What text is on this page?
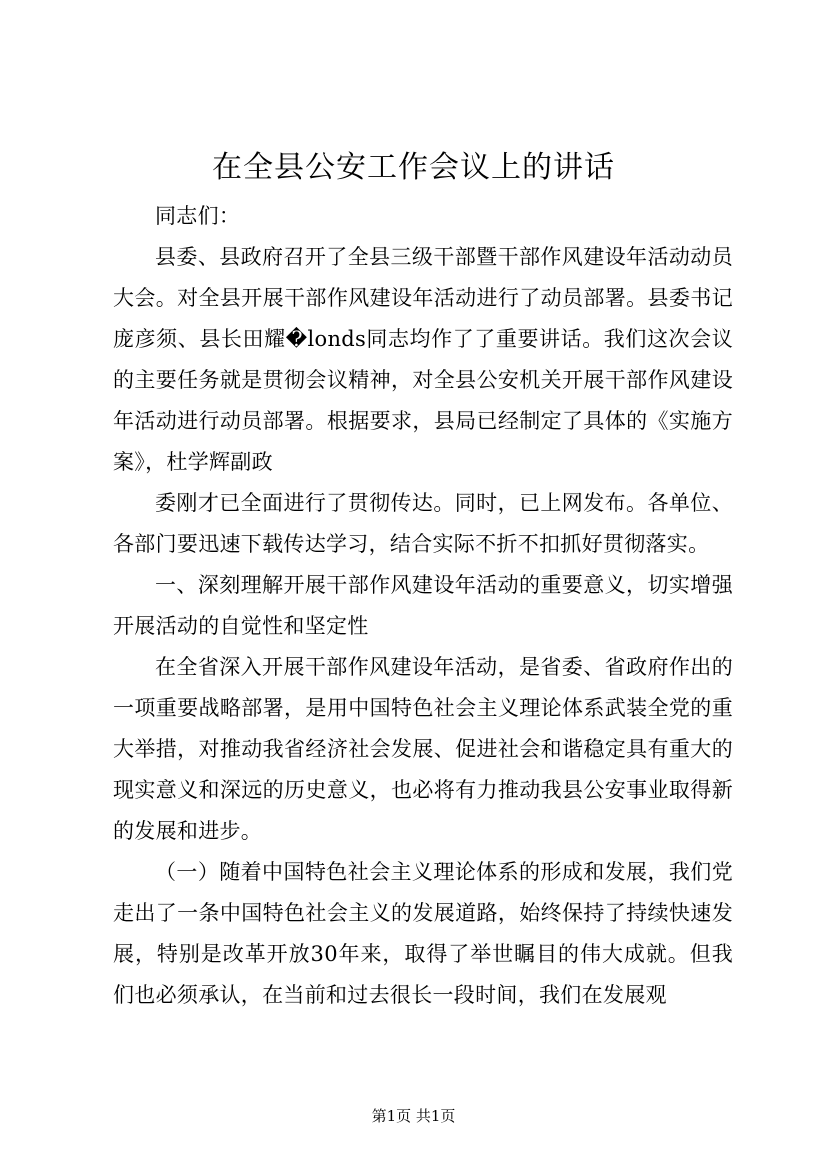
在全县公安工作会议上的讲话

同志们：

县委、县政府召开了全县三级干部暨干部作风建设年活动动员大会。对全县开展干部作风建设年活动进行了动员部署。县委书记庞彦须、县长田耀�londs同志均作了了重要讲话。我们这次会议的主要任务就是贯彻会议精神，对全县公安机关开展干部作风建设年活动进行动员部署。根据要求，县局已经制定了具体的《实施方案》，杜学辉副政

委刚才已全面进行了贯彻传达。同时，已上网发布。各单位、各部门要迅速下载传达学习，结合实际不折不扣抓好贯彻落实。

一、深刻理解开展干部作风建设年活动的重要意义，切实增强开展活动的自觉性和坚定性

在全省深入开展干部作风建设年活动，是省委、省政府作出的一项重要战略部署，是用中国特色社会主义理论体系武装全党的重大举措，对推动我省经济社会发展、促进社会和谐稳定具有重大的现实意义和深远的历史意义，也必将有力推动我县公安事业取得新的发展和进步。

（一）随着中国特色社会主义理论体系的形成和发展，我们党走出了一条中国特色社会主义的发展道路，始终保持了持续快速发展，特别是改革开放30年来，取得了举世瞩目的伟大成就。但我们也必须承认，在当前和过去很长一段时间，我们在发展观

第1页 共1页
